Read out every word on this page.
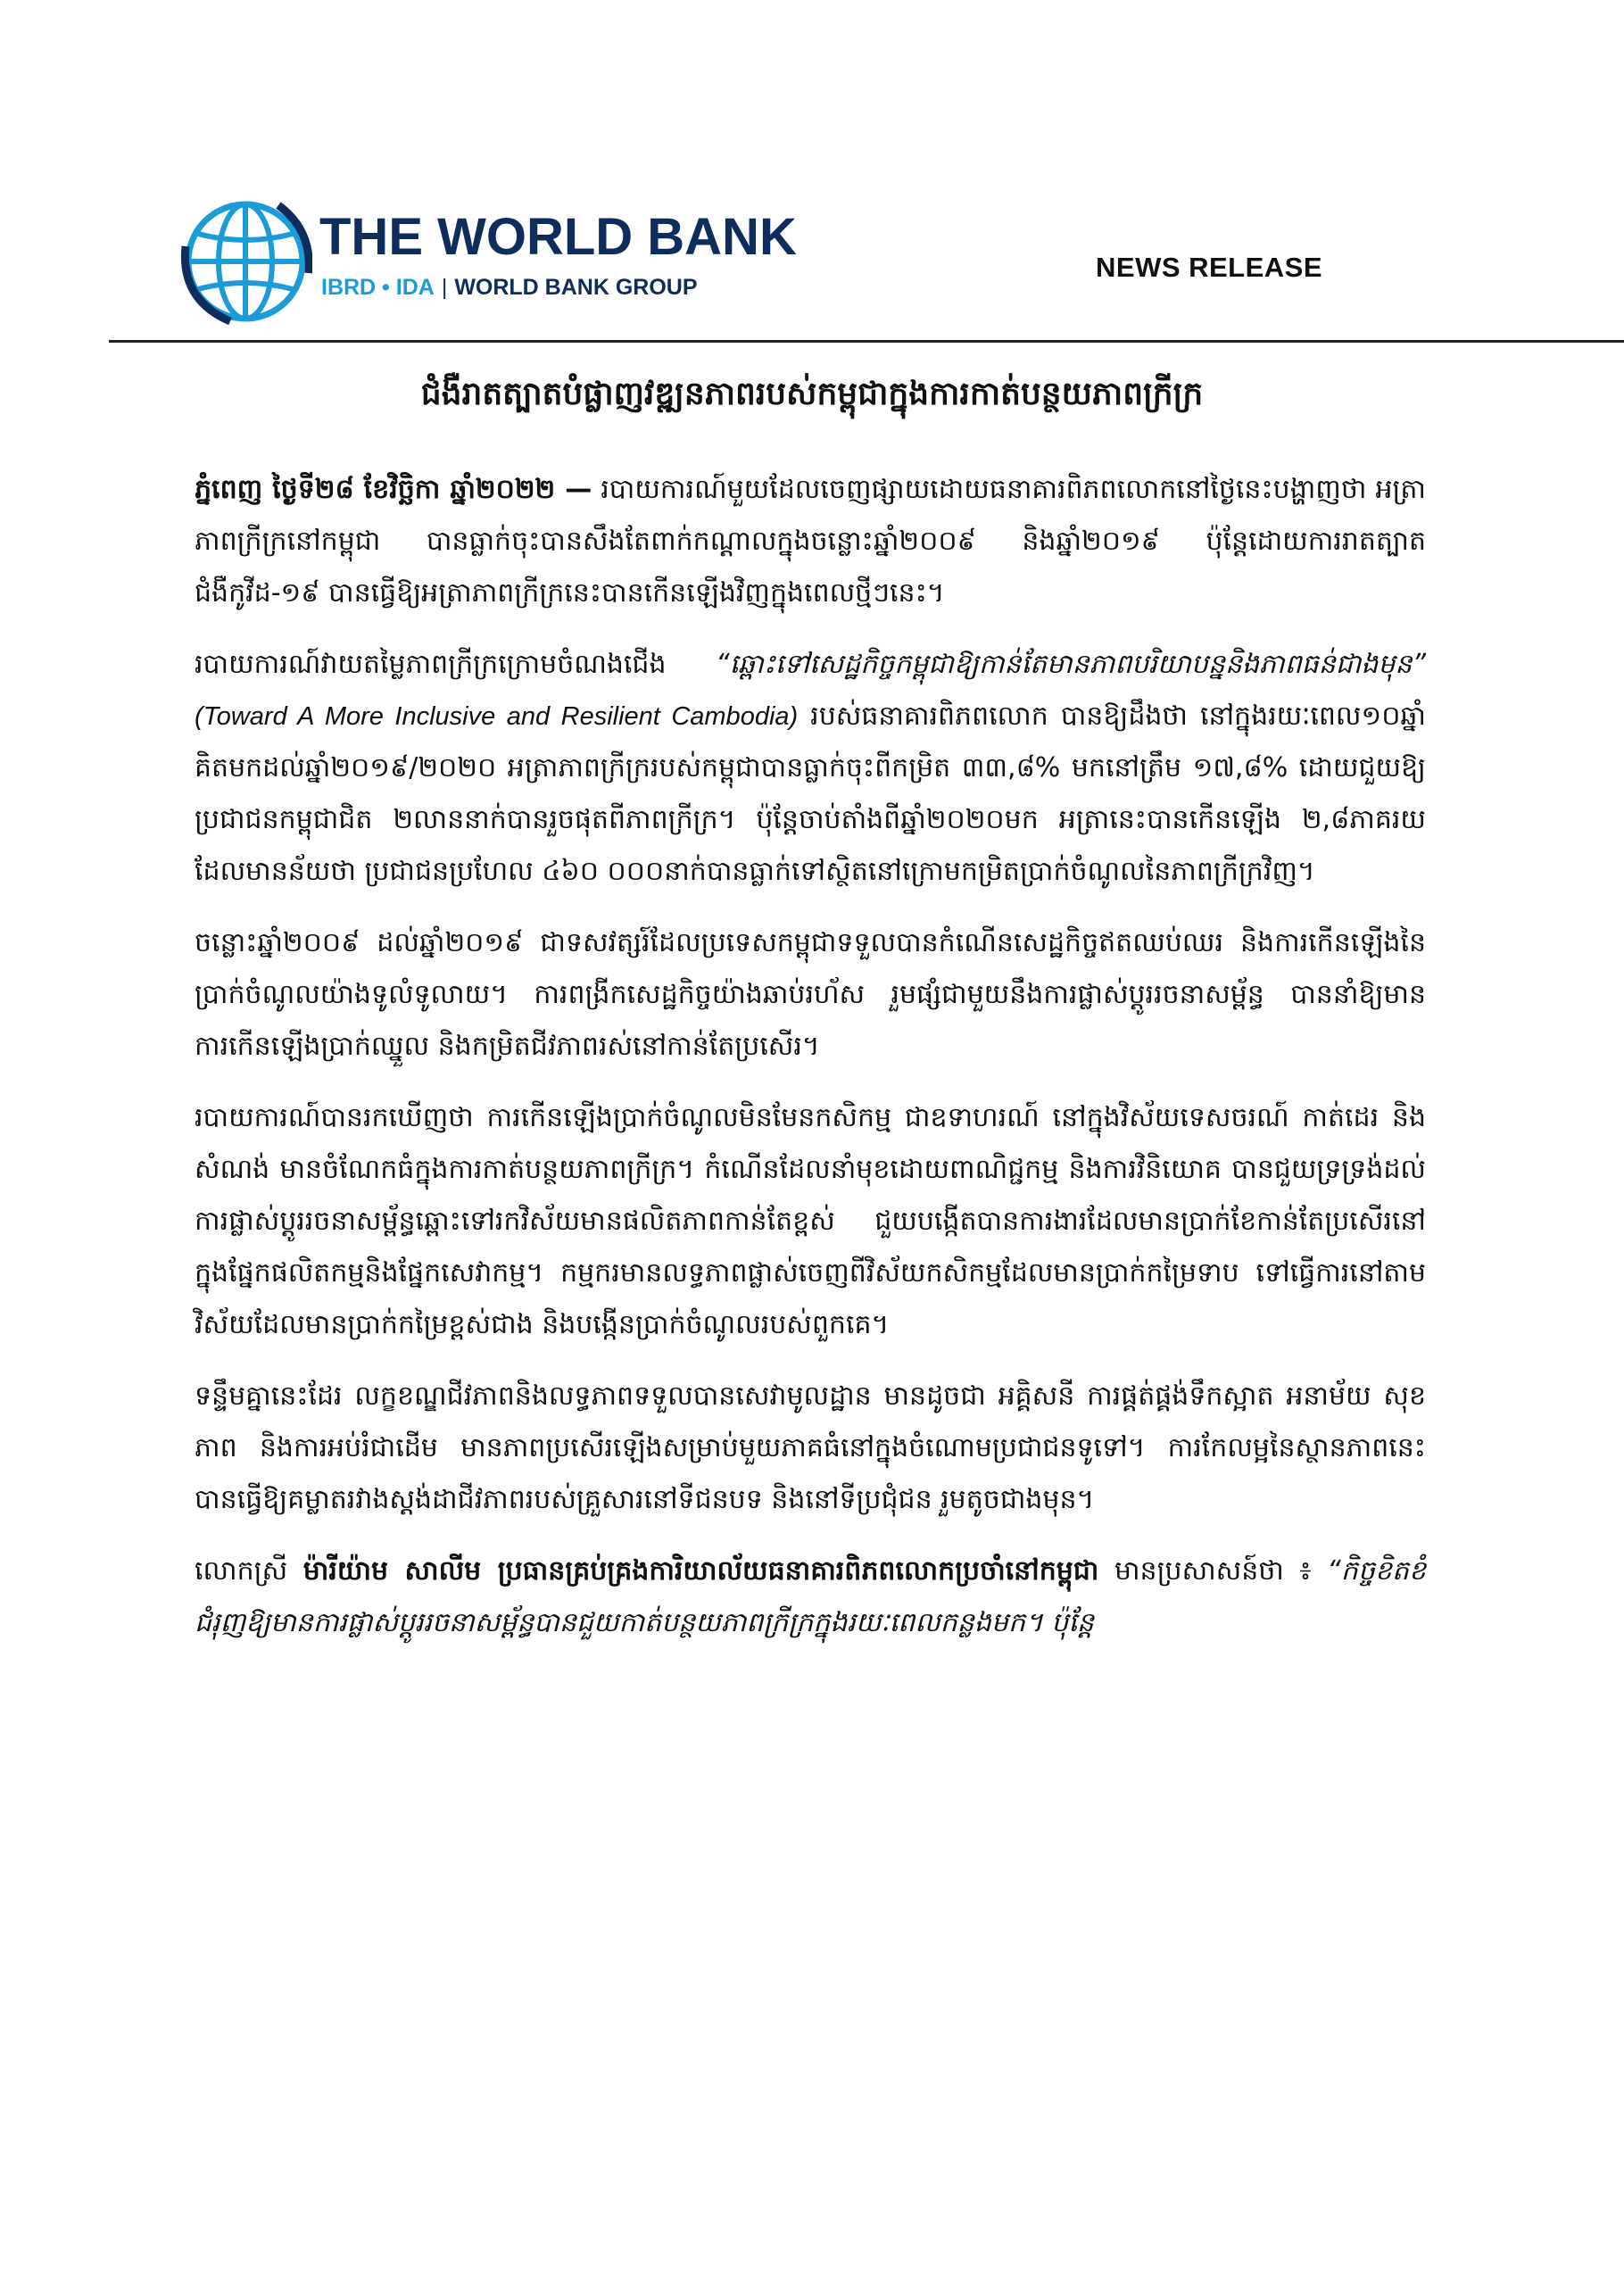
THE WORLD BANK
IBRD • IDA | WORLD BANK GROUP
NEWS RELEASE
ជំងឺរាតត្បាតបំផ្លាញវឌ្ឍនភាពរបស់កម្ពុជាក្នុងការកាត់បន្ថយភាពក្រីក្រ

ភ្នំពេញ ថ្ងៃទី២៨ ខែវិច្ឆិកា ឆ្នាំ២០២២ — របាយការណ៍មួយដែលចេញផ្សាយដោយធនាគារពិភពលោកនៅថ្ងៃនេះបង្ហាញថា អត្រាភាពក្រីក្រនៅកម្ពុជា បានធ្លាក់ចុះបានសឹងតែពាក់កណ្តាលក្នុងចន្លោះឆ្នាំ២០០៩ និងឆ្នាំ២០១៩ ប៉ុន្តែដោយការរាតត្បាតជំងឺកូវីដ-១៩ បានធ្វើឱ្យអត្រាភាពក្រីក្រនេះបានកើនឡើងវិញក្នុងពេលថ្មីៗនេះ។

របាយការណ៍វាយតម្លៃភាពក្រីក្រក្រោមចំណងជើង “ឆ្ពោះទៅសេដ្ឋកិច្ចកម្ពុជាឱ្យកាន់តែមានភាពបរិយាបន្ននិងភាពធន់ជាងមុន” (Toward A More Inclusive and Resilient Cambodia) របស់ធនាគារពិភពលោក បានឱ្យដឹងថា នៅក្នុងរយៈពេល១០ឆ្នាំ គិតមកដល់ឆ្នាំ២០១៩/២០២០ អត្រាភាពក្រីក្ររបស់កម្ពុជាបានធ្លាក់ចុះពីកម្រិត ៣៣,៨% មកនៅត្រឹម ១៧,៨% ដោយជួយឱ្យប្រជាជនកម្ពុជាជិត ២លាននាក់បានរួចផុតពីភាពក្រីក្រ។ ប៉ុន្តែចាប់តាំងពីឆ្នាំ២០២០មក អត្រានេះបានកើនឡើង ២,៨ភាគរយ ដែលមានន័យថា ប្រជាជនប្រហែល ៤៦០ ០០០នាក់បានធ្លាក់ទៅស្ថិតនៅក្រោមកម្រិតប្រាក់ចំណូលនៃភាពក្រីក្រវិញ។

ចន្លោះឆ្នាំ២០០៩ ដល់ឆ្នាំ២០១៩ ជាទសវត្សរ៍ដែលប្រទេសកម្ពុជាទទួលបានកំណើនសេដ្ឋកិច្ចឥតឈប់ឈរ និងការកើនឡើងនៃប្រាក់ចំណូលយ៉ាងទូលំទូលាយ។ ការពង្រីកសេដ្ឋកិច្ចយ៉ាងឆាប់រហ័ស រួមផ្សំជាមួយនឹងការផ្លាស់ប្តូររចនាសម្ព័ន្ធ បាននាំឱ្យមានការកើនឡើងប្រាក់ឈ្នួល និងកម្រិតជីវភាពរស់នៅកាន់តែប្រសើរ។

របាយការណ៍បានរកឃើញថា ការកើនឡើងប្រាក់ចំណូលមិនមែនកសិកម្ម ជាឧទាហរណ៍ នៅក្នុងវិស័យទេសចរណ៍ កាត់ដេរ និងសំណង់ មានចំណែកធំក្នុងការកាត់បន្ថយភាពក្រីក្រ។ កំណើនដែលនាំមុខដោយពាណិជ្ជកម្ម និងការវិនិយោគ បានជួយទ្រទ្រង់ដល់ការផ្លាស់ប្តូររចនាសម្ព័ន្ធឆ្ពោះទៅរកវិស័យមានផលិតភាពកាន់តែខ្ពស់ ជួយបង្កើតបានការងារដែលមានប្រាក់ខែកាន់តែប្រសើរនៅក្នុងផ្នែកផលិតកម្មនិងផ្នែកសេវាកម្ម។ កម្មករមានលទ្ធភាពផ្លាស់ចេញពីវិស័យកសិកម្មដែលមានប្រាក់កម្រៃទាប ទៅធ្វើការនៅតាមវិស័យដែលមានប្រាក់កម្រៃខ្ពស់ជាង និងបង្កើនប្រាក់ចំណូលរបស់ពួកគេ។

ទន្ទឹមគ្នានេះដែរ លក្ខខណ្ឌជីវភាពនិងលទ្ធភាពទទួលបានសេវាមូលដ្ឋាន មានដូចជា អគ្គិសនី ការផ្គត់ផ្គង់ទឹកស្អាត អនាម័យ សុខភាព និងការអប់រំជាដើម មានភាពប្រសើរឡើងសម្រាប់មួយភាគធំនៅក្នុងចំណោមប្រជាជនទូទៅ។ ការកែលម្អនៃស្ថានភាពនេះបានធ្វើឱ្យគម្លាតរវាងស្តង់ដាជីវភាពរបស់គ្រួសារនៅទីជនបទ និងនៅទីប្រជុំជន រួមតូចជាងមុន។

លោកស្រី ម៉ារីយ៉ាម សាលីម ប្រធានគ្រប់គ្រងការិយាល័យធនាគារពិភពលោកប្រចាំនៅកម្ពុជា មានប្រសាសន៍ថា ៖ “កិច្ចខិតខំជំរុញឱ្យមានការផ្លាស់ប្តូររចនាសម្ព័ន្ធបានជួយកាត់បន្ថយភាពក្រីក្រក្នុងរយៈពេលកន្លងមក។ ប៉ុន្តែ
